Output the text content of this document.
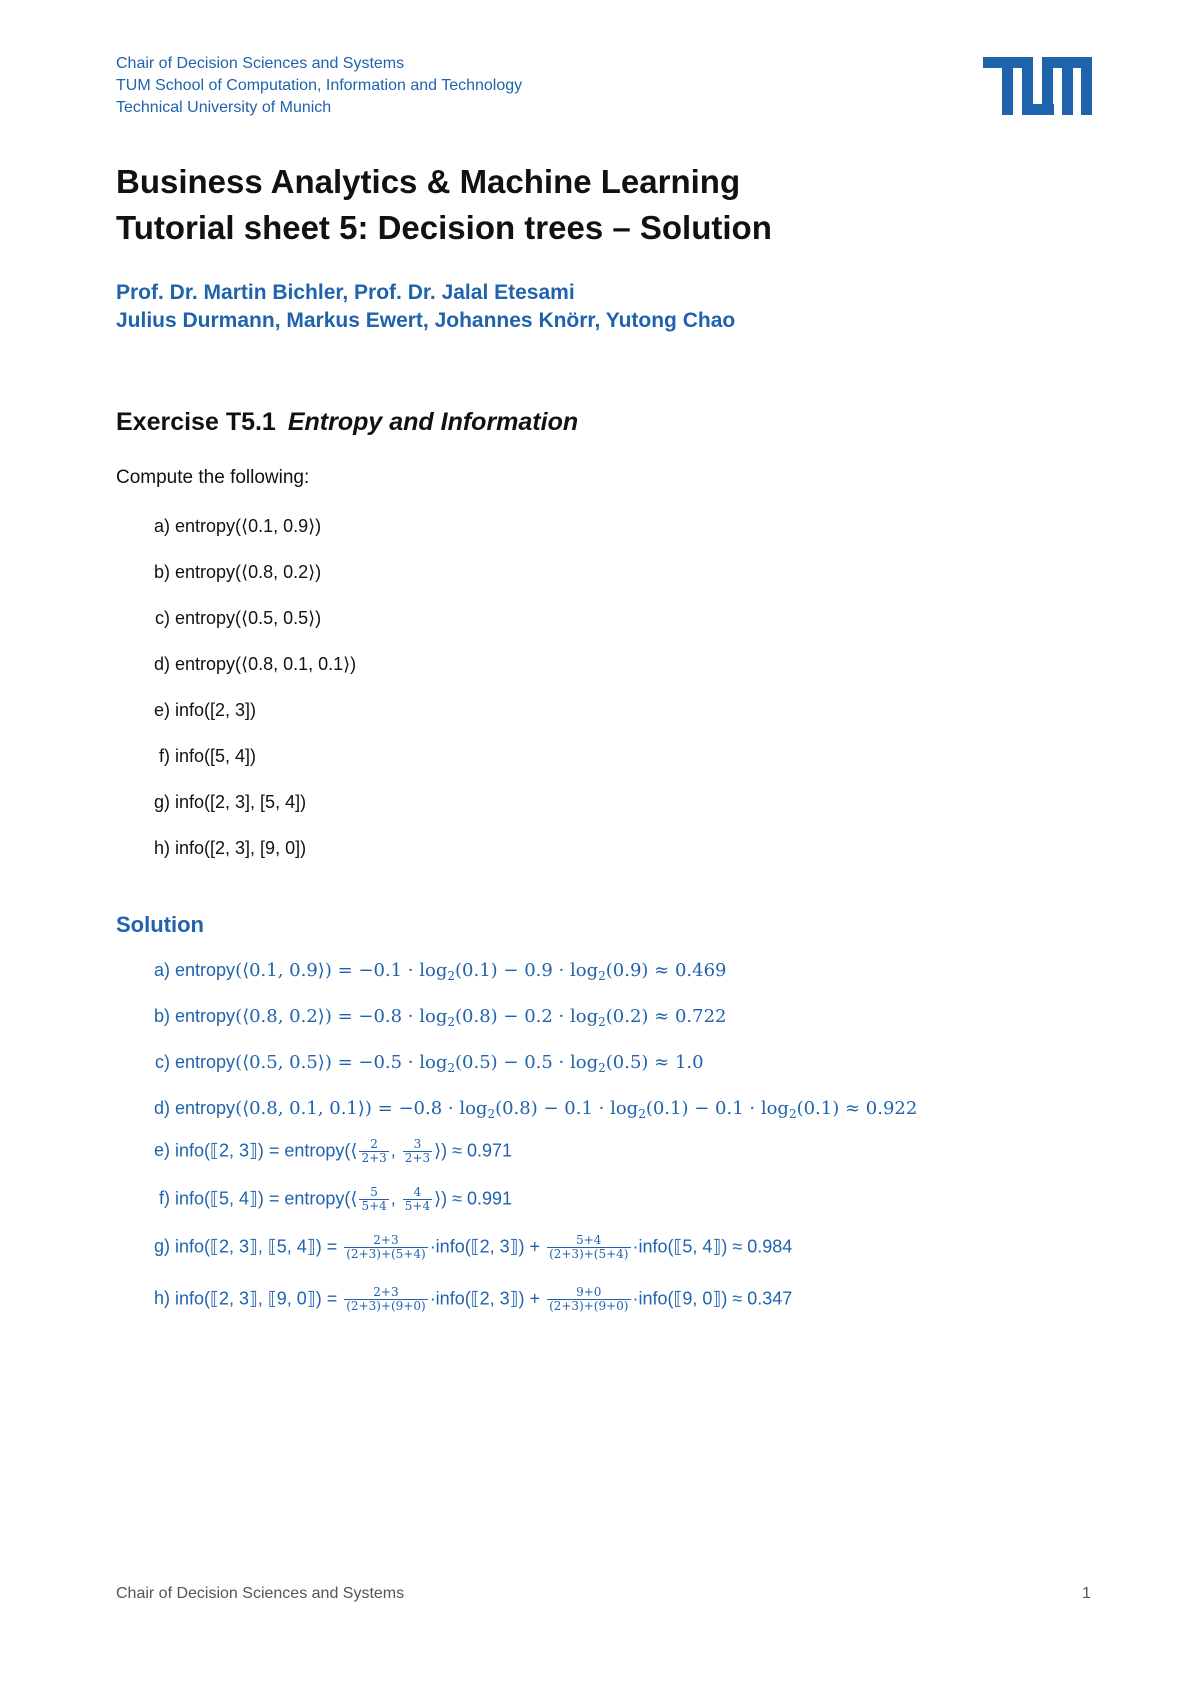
Chair of Decision Sciences and Systems
TUM School of Computation, Information and Technology
Technical University of Munich
Business Analytics & Machine Learning
Tutorial sheet 5: Decision trees – Solution
Prof. Dr. Martin Bichler, Prof. Dr. Jalal Etesami
Julius Durmann, Markus Ewert, Johannes Knörr, Yutong Chao
Exercise T5.1 Entropy and Information
Compute the following:
a ) entropy(⟨0.1, 0.9⟩)
b ) entropy(⟨0.8, 0.2⟩)
c ) entropy(⟨0.5, 0.5⟩)
d ) entropy(⟨0.8, 0.1, 0.1⟩)
e ) info([2, 3])
f ) info([5, 4])
g ) info([2, 3], [5, 4])
h ) info([2, 3], [9, 0])
Solution
a ) entropy(⟨0.1, 0.9⟩) = $-0.1 \cdot \log_2(0.1) - 0.9 \cdot \log_2(0.9) \approx 0.469$
b ) entropy(⟨0.8, 0.2⟩) = $-0.8 \cdot \log_2(0.8) - 0.2 \cdot \log_2(0.2) \approx 0.722$
c ) entropy(⟨0.5, 0.5⟩) = $-0.5 \cdot \log_2(0.5) - 0.5 \cdot \log_2(0.5) \approx 1.0$
d ) entropy(⟨0.8, 0.1, 0.1⟩) = $-0.8 \cdot \log_2(0.8) - 0.1 \cdot \log_2(0.1) - 0.1 \cdot \log_2(0.1) \approx 0.922$
e ) info(⟦2, 3⟧) = entropy(⟨ $\frac{2}{2+3}$ , $\frac{3}{2+3}$ ⟩) ≈ 0.971
f ) info(⟦5, 4⟧) = entropy(⟨ $\frac{5}{5+4}$ , $\frac{4}{5+4}$ ⟩) ≈ 0.991
g ) info(⟦2, 3⟧, ⟦5, 4⟧) = $\frac{2+3}{(2+3)+(5+4)}$ ·info(⟦2, 3⟧) + $\frac{5+4}{(2+3)+(5+4)}$ ·info(⟦5, 4⟧) ≈ 0.984
h ) info(⟦2, 3⟧, ⟦9, 0⟧) = $\frac{2+3}{(2+3)+(9+0)}$ ·info(⟦2, 3⟧) + $\frac{9+0}{(2+3)+(9+0)}$ ·info(⟦9, 0⟧) ≈ 0.347
Chair of Decision Sciences and Systems	1
